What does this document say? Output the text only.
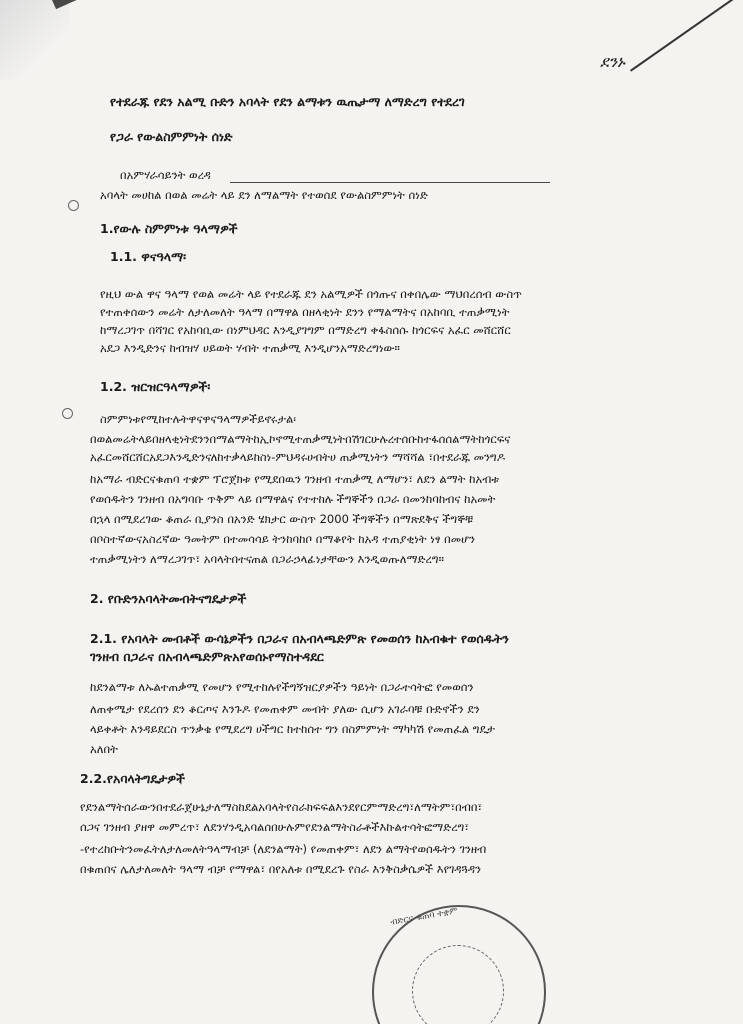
ደንኑ
የተደራጁ የደን አልሚ ቡድን አባላት የደን ልማቱን ዉጤታማ ለማድረግ የተደረገ
የጋራ የውልስምምነት ሰነድ
በአምሃራሳይንት ወረዳ
አባላት መሀከል በወል መሬት ላይ ደን ለማልማት የተወሰደ የውልስምምነት ሰነድ
1.የውሉ ስምምነቱ ዓላማዎች
1.1. ዋናዓላማ፡
የዚህ ውል ዋና ዓላማ የወል መሬት ላይ የተደራጁ ደን አልሚዎች በጎጡና በቀበሌው ማህበረሰብ ውስጥ
የተጠቀሰውን መሬት ለታለመለት ዓላማ በማዋል በዘላቂነት ደንን የማልማትና በአከባቢ ተጠቃሚነት
ከማረጋገጥ በሻገር የአከባቢው በነምህዳር እንዲያገግም በማድረግ ቀፋስሰሱ ከጎርፍና አፈር መሸርሸር
አደጋ እንዲድንና ከብዝሃ ሀይወት ሃብት ተጠቃሚ እንዲሆንአማድረግነው።
1.2. ዝርዝርዓላማዎች፡
ስምምነቱየሚከተሉትዋናዋናዓላማዎችይኖሩታል፡
በወልመሬትላይበዘላቂነትደንንበማልማትከኢኮኖሚተጠቃሚነትበሽገርሁሉረተሰቡከተፋሰሰልማትከጎርፍና
አፈርመሸርሸርአደጋእንዲድንናለከተቃላይከስነ-ምህዳሩሀብትሀ ጠቃሚነትን ማሻሻል ፣በተደራጁ መንግዶ
ከአማራ ብድርናቁጠባ ተቋም ፕሮጀክቱ የሚደበዉን ገንዘብ ተጠቃሚ ለማሆን፣ ለደን ልማት ከአብቱ
የወሰዱትን ገንዘብ በአግባቡ ጥቅም ላይ በማዋልና የተተከሉ ችግኞችን በጋራ በመንከባከብና ከአመት
በኋላ በሚደረገው ቆጠራ ቢያንስ በአንድ ሄክታር ውስጥ 2000 ችግኞችን በማጽደቅና ችግኞቹ
በቦስተኛውናአስረኛው ዓመትም በተመሳሳይ ትንከባከቦ በማቆየት ከአዳ ተጠያቂነት ነፃ በመሆን
ተጠቃሚነትን ለማረጋገጥ፣ አባላትበተናጠል በጋራኃላፊነታቸውን እንዲወጡለማድረግ።
2. የቡድንአባላትመብትናግዴታዎች
2.1. የአባላት መብቶች ውሳኔዎችን በጋራና በአብላጫድምጽ የመወሰን ከአብቁተ የወሰዱትን
ገንዘብ በጋራና በአብላጫድምጽአየወሰኑየማስተዳደር
ከደንልማቱ ለኡልተጠቃሚ የመሆን የሚተከሉየችግኝዝርያዎችን ዓይነት በጋራተሳትፎ የመወሰን
ለጠቀሜታ የደረሰን ደን ቆርጦና እንጉዶ የመጠቀም መብት ያለው ሲሆን አገራባቹ ቡድኖችን ደን
ላይቀቶት እንዳይደርስ ጥንቃቄ የሚደረግ ሀችግር ከተከሰተ ግን በስምምነት ማካካሽ የመጠፈል ግዴታ
አለበት
2.2.የአባላትግዴታዎች
የደንልማትሰራውንበተደራጀሁኔታለማስከደልአባላትየስራክፍፍልእንደየርምማድረግ፣ለማትም፣በብበ፣
ሰጋና ገንዘብ ያዘዋ መምረጥ፣ ለደንሃንዲአባልሰበሁሉምየደንልማትስራቶችእኩልተሳትፎማድረግ፣
-የተረከቡትንመፈትለታለመለትዓላማብቻ (ለደንልማት) የመጠቀም፣ ለደን ልማትየወሰዱትን ገንዘብ
በቁጠበና ሌለታለመለት ዓላማ ብቻ የማዋል፣ በየአለቱ በሚደረጉ የስራ እንቅስቃሴዎች እየገዳጓዳን
ብድርና ቁጠባ ተቋም
